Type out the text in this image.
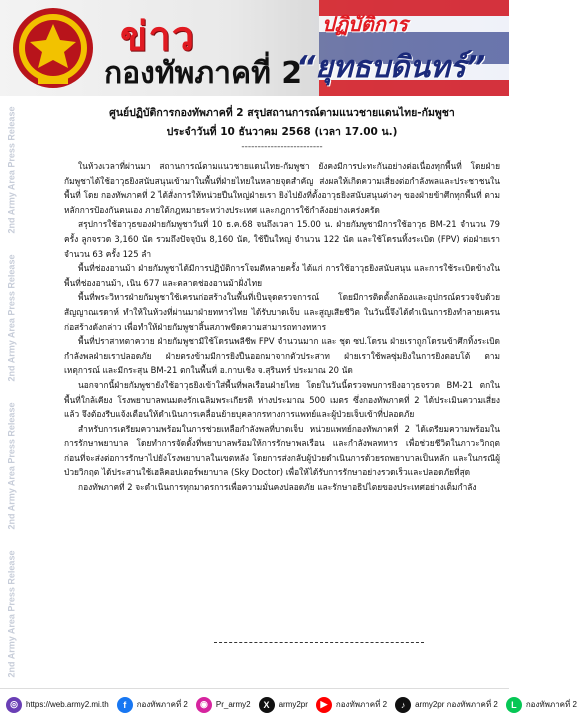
ข่าว
กองทัพภาคที่ 2
ปฏิบัติการ
“ยุทธบดินทร์”
2nd Army Area Press Release
2nd Army Area Press Release
2nd Army Area Press Release
2nd Army Area Press Release
ศูนย์ปฏิบัติการกองทัพภาคที่ 2 สรุปสถานการณ์ตามแนวชายแดนไทย-กัมพูชา
ประจำวันที่ 10 ธันวาคม 2568 (เวลา 17.00 น.)
-------------------------

ในห้วงเวลาที่ผ่านมา สถานการณ์ตามแนวชายแดนไทย-กัมพูชา ยังคงมีการปะทะกันอย่างต่อเนื่องทุกพื้นที่ โดยฝ่ายกัมพูชาได้ใช้อาวุธยิงสนับสนุนเข้ามาในพื้นที่ฝ่ายไทยในหลายจุดสำคัญ ส่งผลให้เกิดความเสี่ยงต่อกำลังพลและประชาชนในพื้นที่ โดย กองทัพภาคที่ 2 ได้สั่งการให้หน่วยปืนใหญ่ฝ่ายเรา ยิงไปยังที่ตั้งอาวุธยิงสนับสนุนต่างๆ ของฝ่ายข้าศึกทุกพื้นที่ ตามหลักการป้องกันตนเอง ภายใต้กฎหมายระหว่างประเทศ และกฎการใช้กำลังอย่างเคร่งครัด

สรุปการใช้อาวุธของฝ่ายกัมพูชาวันที่ 10 ธ.ค.68 จนถึงเวลา 15.00 น. ฝ่ายกัมพูชามีการใช้อาวุธ BM-21 จำนวน 79 ครั้ง ลูกจรวด 3,160 นัด รวมถึงปัจจุบัน 8,160 นัด, ใช้ปืนใหญ่ จำนวน 122 นัด และใช้โดรนทิ้งระเบิด (FPV) ต่อฝ่ายเรา จำนวน 63 ครั้ง 125 ลำ

พื้นที่ช่องอานม้า ฝ่ายกัมพูชาได้มีการปฏิบัติการโจมตีหลายครั้ง ได้แก่ การใช้อาวุธยิงสนับสนุน และการใช้ระเบิดข้างในพื้นที่ช่องอานม้า, เนิน 677 และตลาดช่องอานม้าฝั่งไทย

พื้นที่พระวิหารฝ่ายกัมพูชาใช้เครนก่อสร้างในพื้นที่เป็นจุดตรวจการณ์ โดยมีการติดตั้งกล้องและอุปกรณ์ตรวจจับด้วยสัญญาณเรดาห์ ทำให้ในห้วงที่ผ่านมาฝ่ายทหารไทย ได้รับบาดเจ็บ และสูญเสียชีวิต ในวันนี้จึงได้ดำเนินการยิงทำลายเครนก่อสร้างดังกล่าว เพื่อทำให้ฝ่ายกัมพูชาสิ้นสภาพขีดความสามารถทางทหาร

พื้นที่ปราสาทตาควาย ฝ่ายกัมพูชามีใช้โดรนพลีชีพ FPV จำนวนมาก และ ชุด ซป.โดรน ฝ่ายเราถูกโดรนข้าศึกทิ้งระเบิด กำลังพลฝ่ายเราปลอดภัย ฝ่ายตรงข้ามมีการยิงปืนออกมาจากตัวประสาท ฝ่ายเราใช้พลซุ่มยิงในการยิงตอบโต้ ตามเหตุการณ์ และมีกระสุน BM-21 ตกในพื้นที่ อ.กาบเชิง จ.สุรินทร์ ประมาณ 20 นัด

นอกจากนี้ฝ่ายกัมพูชายังใช้อาวุธยิงเข้าใส่พื้นที่พลเรือนฝ่ายไทย โดยในวันนี้ตรวจพบการยิงอาวุธจรวด BM-21 ตกในพื้นที่ใกล้เคียง โรงพยาบาลพนมดงรักเฉลิมพระเกียรติ ห่างประมาณ 500 เมตร ซึ่งกองทัพภาคที่ 2 ได้ประเมินความเสี่ยงแล้ว จึงต้องรีบแจ้งเตือนให้ดำเนินการเคลื่อนย้ายบุคลากรทางการแพทย์และผู้ป่วยเจ็บเข้าที่ปลอดภัย

สำหรับการเตรียมความพร้อมในการช่วยเหลือกำลังพลที่บาดเจ็บ หน่วยแพทย์กองทัพภาคที่ 2 ได้เตรียมความพร้อมในการรักษาพยาบาล โดยทำการจัดตั้งที่พยาบาลพร้อมให้การรักษาพลเรือน และกำลังพลทหาร เพื่อช่วยชีวิตในภาวะวิกฤต ก่อนที่จะส่งต่อการรักษาไปยังโรงพยาบาลในเขตหลัง โดยการส่งกลับผู้ป่วยดำเนินการด้วยรถพยาบาลเป็นหลัก และในกรณีผู้ป่วยวิกฤต ได้ประสานใช้เฮลิคอปเตอร์พยาบาล (Sky Doctor) เพื่อให้ได้รับการรักษาอย่างรวดเร็วและปลอดภัยที่สุด

กองทัพภาคที่ 2 จะดำเนินการทุกมาตรการเพื่อความมั่นคงปลอดภัย และรักษาอธิปไตยของประเทศอย่างเต็มกำลัง

◎	https://web.army2.mi.th	f	กองทัพภาคที่ 2	◉	Pr_army2	X	army2pr	▶	กองทัพภาคที่ 2	♪	army2pr กองทัพภาคที่ 2	L	กองทัพภาคที่ 2
